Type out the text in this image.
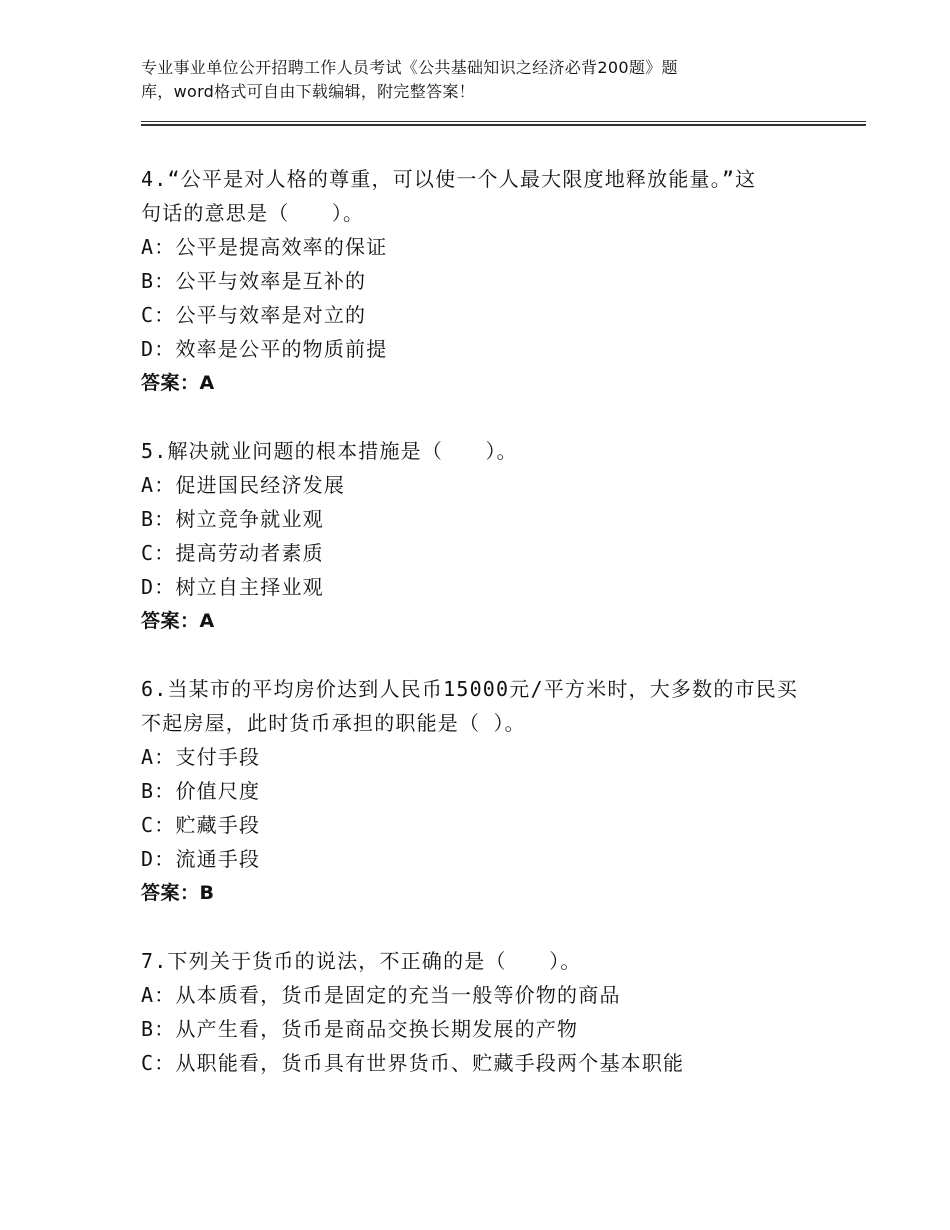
专业事业单位公开招聘工作人员考试《公共基础知识之经济必背200题》题
库，word格式可自由下载编辑，附完整答案！
4.“公平是对人格的尊重，可以使一个人最大限度地释放能量。”这
句话的意思是（　　）。
A：公平是提高效率的保证
B：公平与效率是互补的
C：公平与效率是对立的
D：效率是公平的物质前提
答案：A
5.解决就业问题的根本措施是（　　）。
A：促进国民经济发展
B：树立竞争就业观
C：提高劳动者素质
D：树立自主择业观
答案：A
6.当某市的平均房价达到人民币15000元/平方米时，大多数的市民买
不起房屋，此时货币承担的职能是（ ）。
A：支付手段
B：价值尺度
C：贮藏手段
D：流通手段
答案：B
7.下列关于货币的说法，不正确的是（　　）。
A：从本质看，货币是固定的充当一般等价物的商品
B：从产生看，货币是商品交换长期发展的产物
C：从职能看，货币具有世界货币、贮藏手段两个基本职能
